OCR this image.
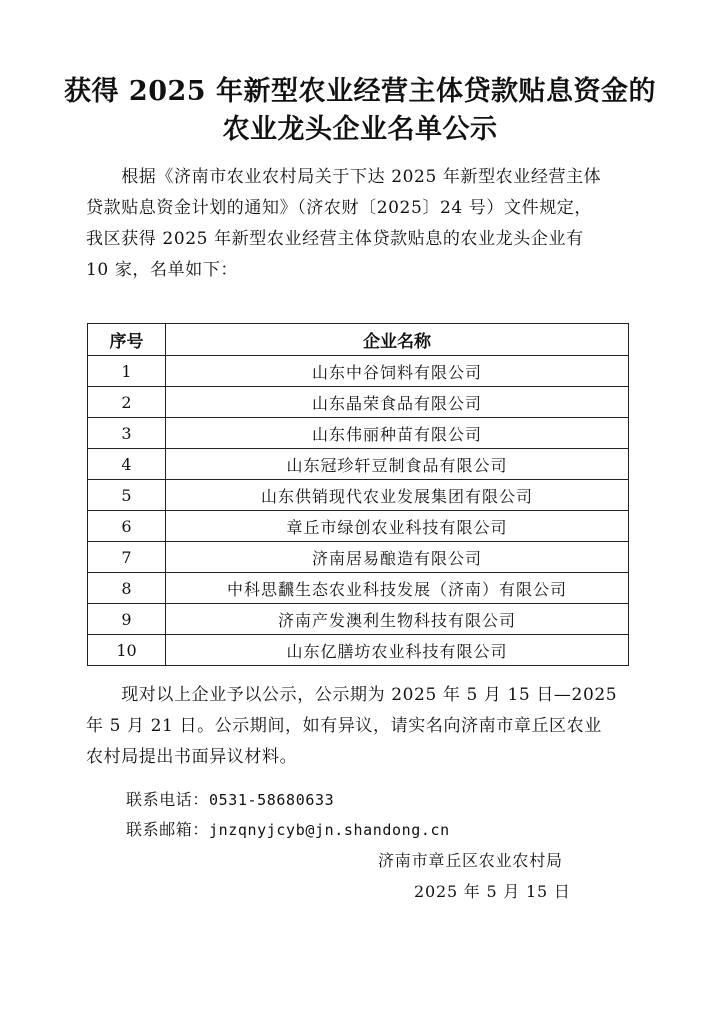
获得 2025 年新型农业经营主体贷款贴息资金的
农业龙头企业名单公示
　　根据《济南市农业农村局关于下达 2025 年新型农业经营主体
贷款贴息资金计划的通知》（济农财〔2025〕24 号）文件规定，
我区获得 2025 年新型农业经营主体贷款贴息的农业龙头企业有
10 家，名单如下：
序号	企业名称
1	山东中谷饲料有限公司
2	山东晶荣食品有限公司
3	山东伟丽种苗有限公司
4	山东冠珍轩豆制食品有限公司
5	山东供销现代农业发展集团有限公司
6	章丘市绿创农业科技有限公司
7	济南居易酿造有限公司
8	中科思飜生态农业科技发展（济南）有限公司
9	济南产发澳利生物科技有限公司
10	山东亿膳坊农业科技有限公司
　　现对以上企业予以公示，公示期为 2025 年 5 月 15 日—2025
年 5 月 21 日。公示期间，如有异议，请实名向济南市章丘区农业
农村局提出书面异议材料。
联系电话：0531-58680633
联系邮箱：jnzqnyjcyb@jn.shandong.cn
济南市章丘区农业农村局
2025 年 5 月 15 日
